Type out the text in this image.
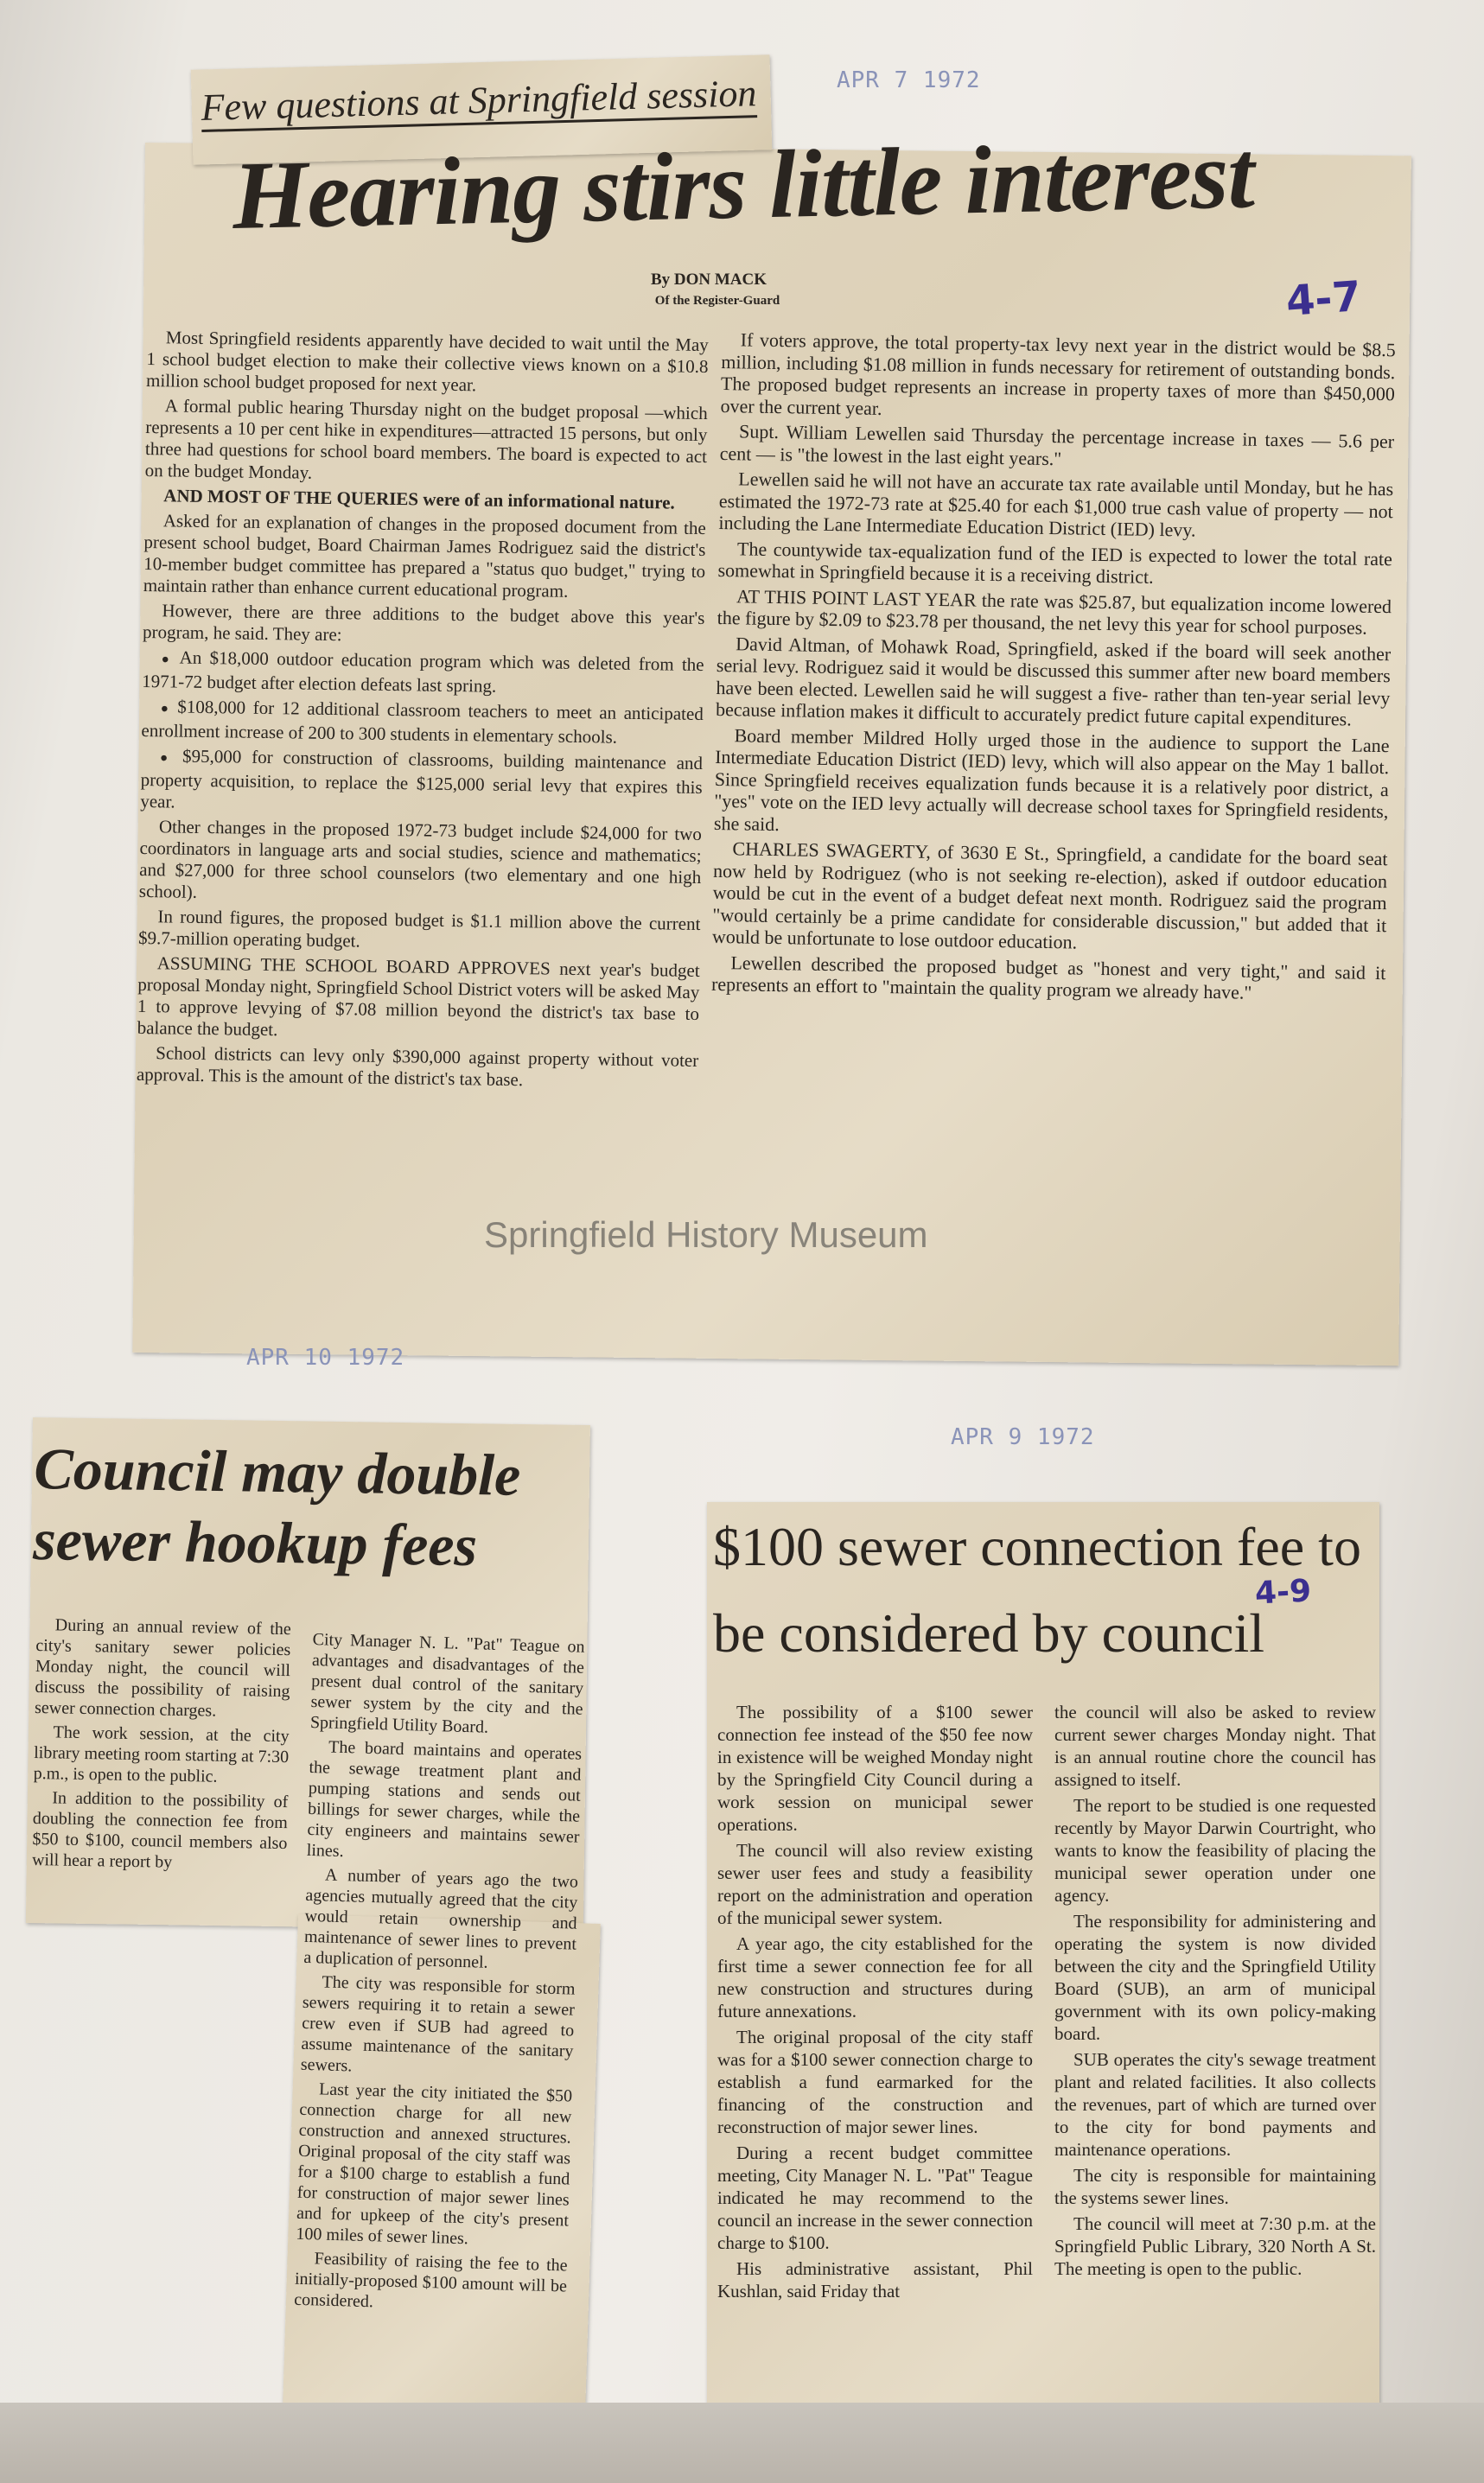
APR 7 1972
Few questions at Springfield session
Hearing stirs little interest
4-7
By DON MACK
Of the Register-Guard

Most Springfield residents apparently have decided to wait until the May 1 school budget election to make their collective views known on a $10.8 million school budget proposed for next year.

A formal public hearing Thursday night on the budget proposal —which represents a 10 per cent hike in expenditures—attracted 15 persons, but only three had questions for school board members. The board is expected to act on the budget Monday.

AND MOST OF THE QUERIES were of an informational nature.

Asked for an explanation of changes in the proposed document from the present school budget, Board Chairman James Rodriguez said the district's 10-member budget committee has prepared a "status quo budget," trying to maintain rather than enhance current educational program.

However, there are three additions to the budget above this year's program, he said. They are:

● An $18,000 outdoor education program which was deleted from the 1971-72 budget after election defeats last spring.

● $108,000 for 12 additional classroom teachers to meet an anticipated enrollment increase of 200 to 300 students in elementary schools.

● $95,000 for construction of classrooms, building maintenance and property acquisition, to replace the $125,000 serial levy that expires this year.

Other changes in the proposed 1972-73 budget include $24,000 for two coordinators in language arts and social studies, science and mathematics; and $27,000 for three school counselors (two elementary and one high school).

In round figures, the proposed budget is $1.1 million above the current $9.7-million operating budget.

ASSUMING THE SCHOOL BOARD APPROVES next year's budget proposal Monday night, Springfield School District voters will be asked May 1 to approve levying of $7.08 million beyond the district's tax base to balance the budget.

School districts can levy only $390,000 against property without voter approval. This is the amount of the district's tax base.

If voters approve, the total property-tax levy next year in the district would be $8.5 million, including $1.08 million in funds necessary for retirement of outstanding bonds. The proposed budget represents an increase in property taxes of more than $450,000 over the current year.

Supt. William Lewellen said Thursday the percentage increase in taxes — 5.6 per cent — is "the lowest in the last eight years."

Lewellen said he will not have an accurate tax rate available until Monday, but he has estimated the 1972-73 rate at $25.40 for each $1,000 true cash value of property — not including the Lane Intermediate Education District (IED) levy.

The countywide tax-equalization fund of the IED is expected to lower the total rate somewhat in Springfield because it is a receiving district.

AT THIS POINT LAST YEAR the rate was $25.87, but equalization income lowered the figure by $2.09 to $23.78 per thousand, the net levy this year for school purposes.

David Altman, of Mohawk Road, Springfield, asked if the board will seek another serial levy. Rodriguez said it would be discussed this summer after new board members have been elected. Lewellen said he will suggest a five- rather than ten-year serial levy because inflation makes it difficult to accurately predict future capital expenditures.

Board member Mildred Holly urged those in the audience to support the Lane Intermediate Education District (IED) levy, which will also appear on the May 1 ballot. Since Springfield receives equalization funds because it is a relatively poor district, a "yes" vote on the IED levy actually will decrease school taxes for Springfield residents, she said.

CHARLES SWAGERTY, of 3630 E St., Springfield, a candidate for the board seat now held by Rodriguez (who is not seeking re-election), asked if outdoor education would be cut in the event of a budget defeat next month. Rodriguez said the program "would certainly be a prime candidate for considerable discussion," but added that it would be unfortunate to lose outdoor education.

Lewellen described the proposed budget as "honest and very tight," and said it represents an effort to "maintain the quality program we already have."

Springfield History Museum
APR 10 1972
Council may double sewer hookup fees

During an annual review of the city's sanitary sewer policies Monday night, the council will discuss the possibility of raising sewer connection charges.

The work session, at the city library meeting room starting at 7:30 p.m., is open to the public.

In addition to the possibility of doubling the connection fee from $50 to $100, council members also will hear a report by

City Manager N. L. "Pat" Teague on advantages and disadvantages of the present dual control of the sanitary sewer system by the city and the Springfield Utility Board.

The board maintains and operates the sewage treatment plant and pumping stations and sends out billings for sewer charges, while the city engineers and maintains sewer lines.

A number of years ago the two agencies mutually agreed that the city would retain ownership and maintenance of sewer lines to prevent a duplication of personnel.

The city was responsible for storm sewers requiring it to retain a sewer crew even if SUB had agreed to assume maintenance of the sanitary sewers.

Last year the city initiated the $50 connection charge for all new construction and annexed structures. Original proposal of the city staff was for a $100 charge to establish a fund for construction of major sewer lines and for upkeep of the city's present 100 miles of sewer lines.

Feasibility of raising the fee to the initially-proposed $100 amount will be considered.

APR 9 1972
$100 sewer connection fee to be considered by council
4-9

The possibility of a $100 sewer connection fee instead of the $50 fee now in existence will be weighed Monday night by the Springfield City Council during a work session on municipal sewer operations.

The council will also review existing sewer user fees and study a feasibility report on the administration and operation of the municipal sewer system.

A year ago, the city established for the first time a sewer connection fee for all new construction and structures during future annexations.

The original proposal of the city staff was for a $100 sewer connection charge to establish a fund earmarked for the financing of the construction and reconstruction of major sewer lines.

During a recent budget committee meeting, City Manager N. L. "Pat" Teague indicated he may recommend to the council an increase in the sewer connection charge to $100.

His administrative assistant, Phil Kushlan, said Friday that

the council will also be asked to review current sewer charges Monday night. That is an annual routine chore the council has assigned to itself.

The report to be studied is one requested recently by Mayor Darwin Courtright, who wants to know the feasibility of placing the municipal sewer operation under one agency.

The responsibility for administering and operating the system is now divided between the city and the Springfield Utility Board (SUB), an arm of municipal government with its own policy-making board.

SUB operates the city's sewage treatment plant and related facilities. It also collects the revenues, part of which are turned over to the city for bond payments and maintenance operations.

The city is responsible for maintaining the systems sewer lines.

The council will meet at 7:30 p.m. at the Springfield Public Library, 320 North A St. The meeting is open to the public.
